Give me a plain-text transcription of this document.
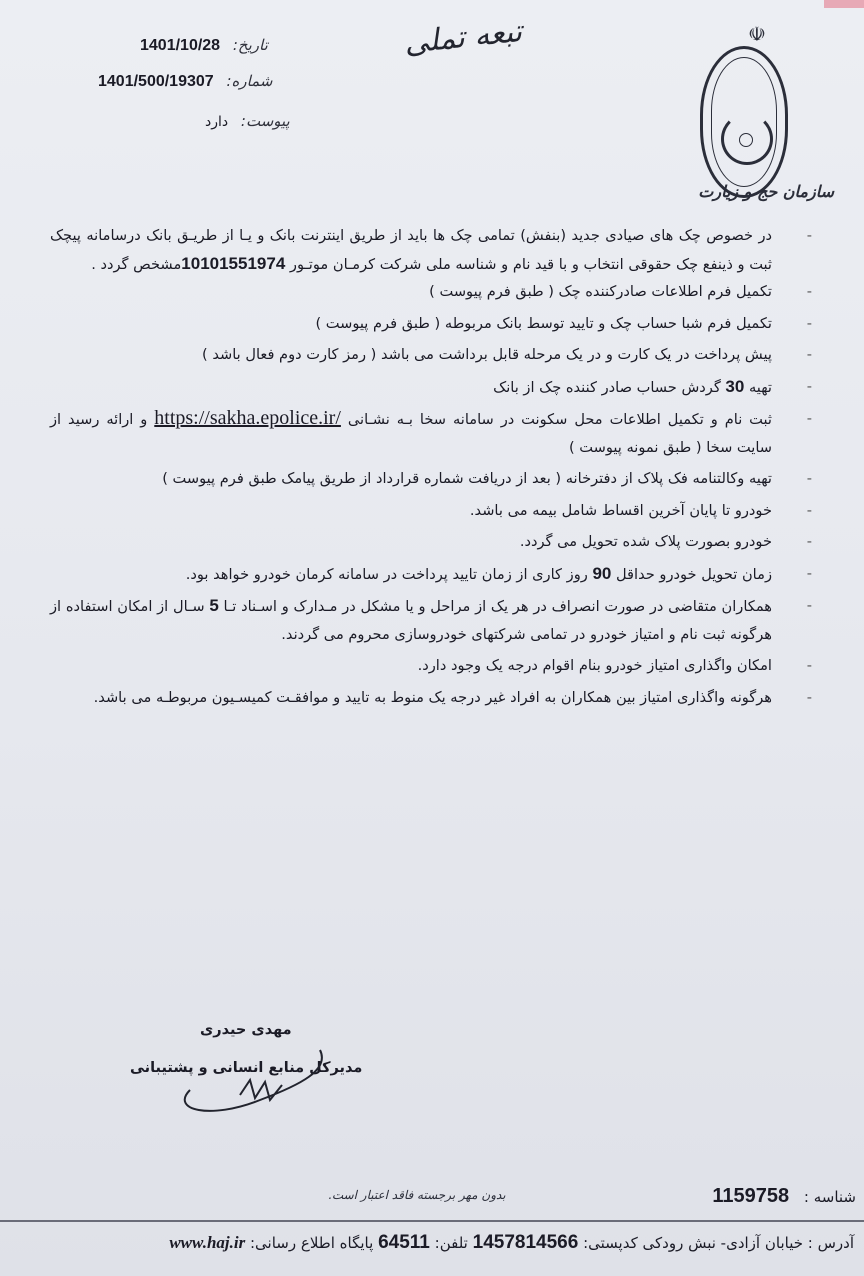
☫
سازمان حج و زیارت
تبعه تملی
تاریخ: 1401/10/28
شماره: 1401/500/19307
پیوست: دارد
- در خصوص چک های صیادی جدید (بنفش) تمامی چک ها باید از طریق اینترنت بانک و یـا از طریـق بانک درسامانه پیچک ثبت و ذینفع چک حقوقی انتخاب و با قید نام و شناسه ملی شرکت کرمـان موتـور 10101551974مشخص گردد .
- تکمیل فرم اطلاعات صادرکننده چک ( طبق فرم پیوست )
- تکمیل فرم شبا حساب چک و تایید توسط بانک مربوطه ( طبق فرم پیوست )
- پیش پرداخت در یک کارت و در یک مرحله قابل برداشت می باشد ( رمز کارت دوم فعال باشد )
- تهیه 30 گردش حساب صادر کننده چک از بانک
- ثبت نام و تکمیل اطلاعات محل سکونت در سامانه سخا بـه نشـانی https://sakha.epolice.ir/ و ارائه رسید از سایت سخا ( طبق نمونه پیوست )
- تهیه وکالتنامه فک پلاک از دفترخانه ( بعد از دریافت شماره قرارداد از طریق پیامک طبق فرم پیوست )
- خودرو تا پایان آخرین اقساط شامل بیمه می باشد.
- خودرو بصورت پلاک شده تحویل می گردد.
- زمان تحویل خودرو حداقل 90 روز کاری از زمان تایید پرداخت در سامانه کرمان خودرو خواهد بود.
- همکاران متقاضی در صورت انصراف در هر یک از مراحل و یا مشکل در مـدارک و اسـناد تـا 5 سـال از امکان استفاده از هرگونه ثبت نام و امتیاز خودرو در تمامی شرکتهای خودروسازی محروم می گردند.
- امکان واگذاری امتیاز خودرو بنام اقوام درجه یک وجود دارد.
- هرگونه واگذاری امتیاز بین همکاران به افراد غیر درجه یک منوط به تایید و موافقـت کمیسـیون مربوطـه می باشد.
مهدی حیدری
مدیرکل منابع انسانی و پشتیبانی
بدون مهر برجسته فاقد اعتبار است.	شناسه : 1159758
آدرس : خیابان آزادی- نبش رودکی کدپستی: 1457814566 تلفن: 64511 پایگاه اطلاع رسانی: www.haj.ir
